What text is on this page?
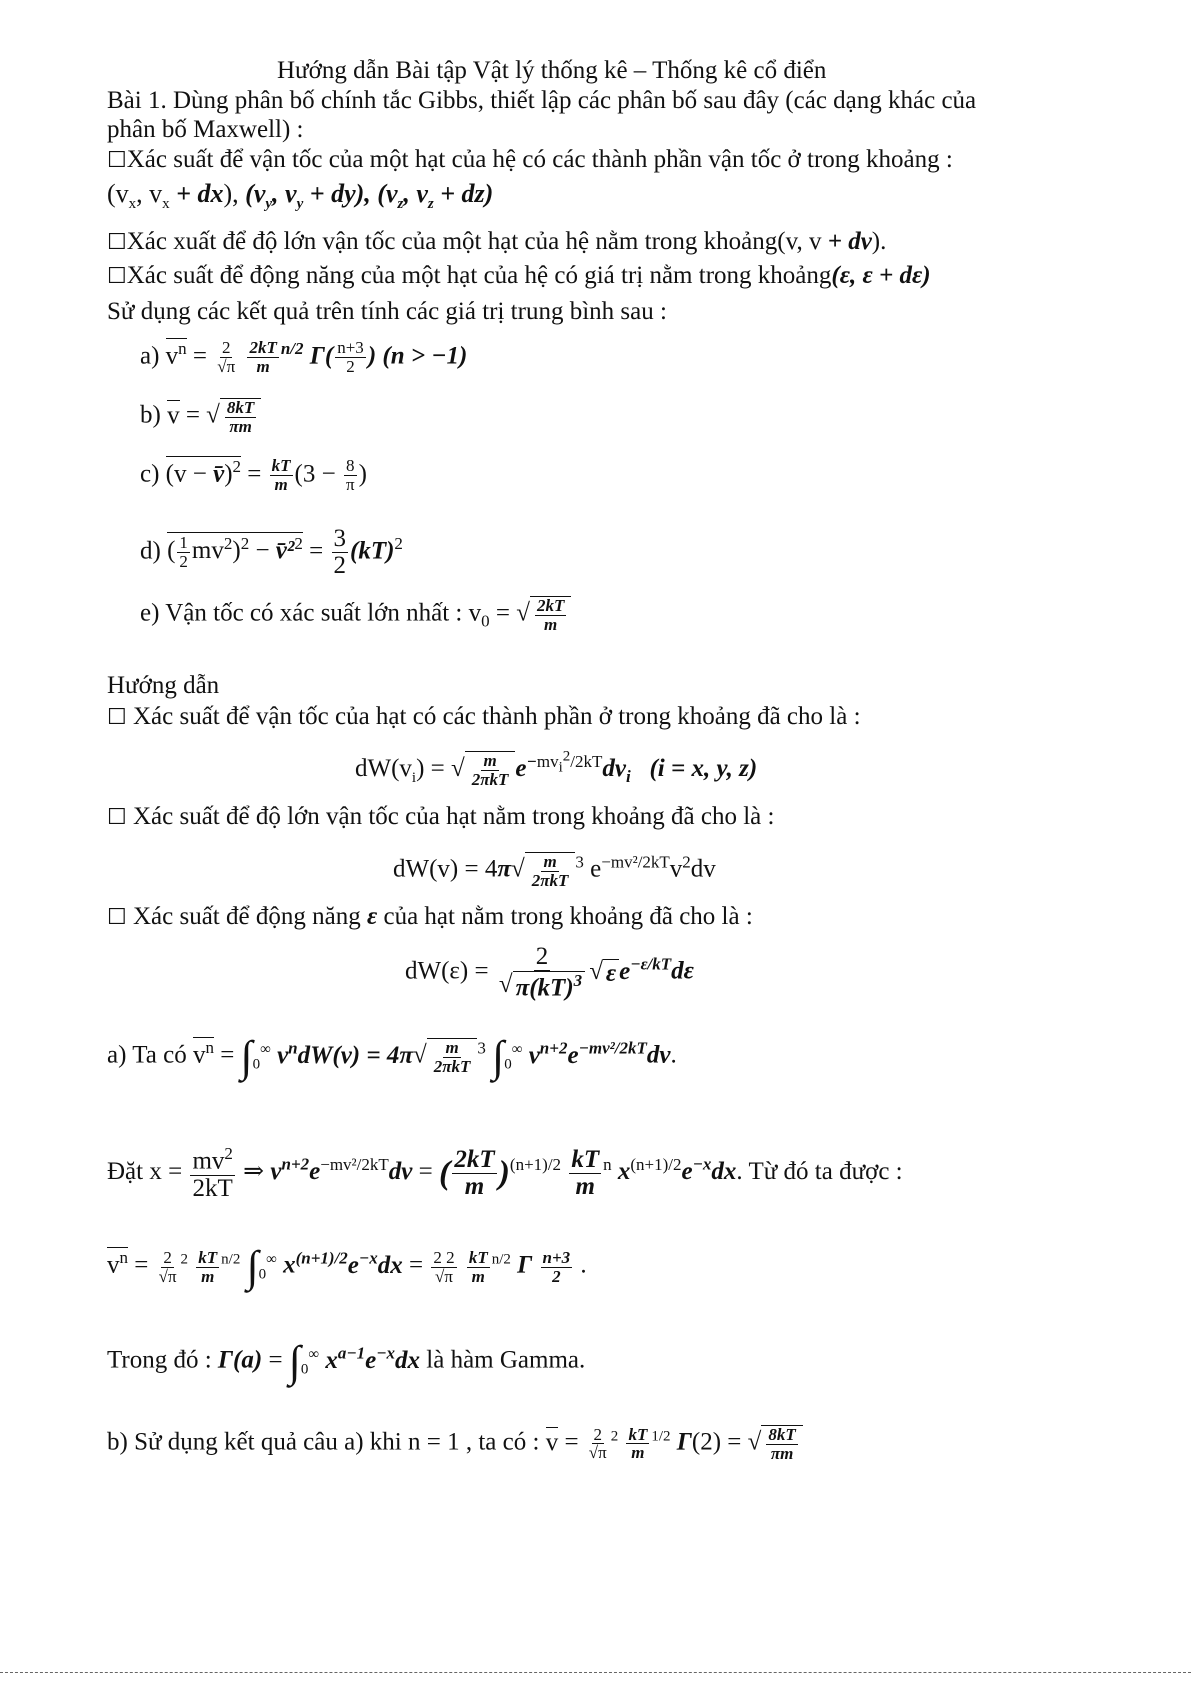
Hướng dẫn Bài tập Vật lý thống kê – Thống kê cổ điển
Bài 1. Dùng phân bố chính tắc Gibbs, thiết lập các phân bố sau đây (các dạng khác của
phân bố Maxwell) :
☐Xác suất để vận tốc của một hạt của hệ có các thành phần vận tốc ở trong khoảng :
($v_x$, $v_x + dx$), ($v_y$, $v_y + dy$), ($v_z$, $v_z + dz$)
☐Xác xuất để độ lớn vận tốc của một hạt của hệ nằm trong khoảng(v, v + dv).
☐Xác suất để động năng của một hạt của hệ có giá trị nằm trong khoảng(ε, ε + dε)
Sử dụng các kết quả trên tính các giá trị trung bình sau :
a) $v^n = \frac{2}{√\pi}$
$\frac{2kT}{m} ^{n/2}$ $\Gamma( \frac{n+3}{2}$ ) (n > −1)
b) v = √ $\frac{8kT}{\pi m}$
c) (v − v̄)$^2$ = $\frac{kT}{m} (3 - \frac{8}{\pi}$ )
d) ( $\frac{1}{2} mv^2)^2$ − v̄²$^2$ = $\frac{3}{2} (kT)^2$
e) Vận tốc có xác suất lớn nhất : $v_0$ = √ $\frac{2kT}{m}$
Hướng dẫn
☐ Xác suất để vận tốc của hạt có các thành phần ở trong khoảng đã cho là :
$dW(v_i)$ = √ $\frac{m}{\text{2πkT}} e^{-mv_i^2/2kT}dv_i$ (i = x, y, z)
☐ Xác suất để độ lớn vận tốc của hạt nằm trong khoảng đã cho là :
$dW(v) = 4\pi√ \frac{m}{\text{2πkT}} ^3$ $e^{-mv^2/2kT}v^2dv$
☐ Xác suất để động năng ε của hạt nằm trong khoảng đã cho là :
$dW(\varepsilon) = \frac{2}{√ \pi(kT)^3}$ √ ε $e^{-\varepsilon/kT}d\varepsilon$
a) Ta có $v^n = \int_0^\infty$ $v^ndW(v) = 4\pi√ \frac{m}{\text{2πkT}} ^3$ $\int_0^\infty$ $v^{n+2}e^{-mv^2/2kT}dv$.
Đặt $x = \frac{mv^2}{2kT}$ ⇒ $v^{n+2}e^{-mv^2/2kT}dv$ = ( $\frac{2kT}{m} )^{(n+1)/2} \frac{kT}{m} ^n$ $x^{(n+1)/2}e^{-x}dx$. Từ đó ta được :
$v^n = \frac{2}{√\pi} ^2 \frac{kT}{m} ^{n/2}$ $\int_0^\infty$ $x^{(n+1)/2}e^{-x}dx = \frac{2 2}{√\pi}$
$\frac{kT}{m} ^{n/2}$ Γ $\frac{n+3}{2}$ .
Trong đó : $\Gamma(a) = \int_0^\infty$ $x^{a-1}e^{-x}dx$ là hàm Gamma.
b) Sử dụng kết quả câu a) khi n = 1 , ta có : $v = \frac{2}{√\pi} ^2 \frac{kT}{m} ^{1/2}$ Γ(2) = √ $\frac{8kT}{\pi m}$
